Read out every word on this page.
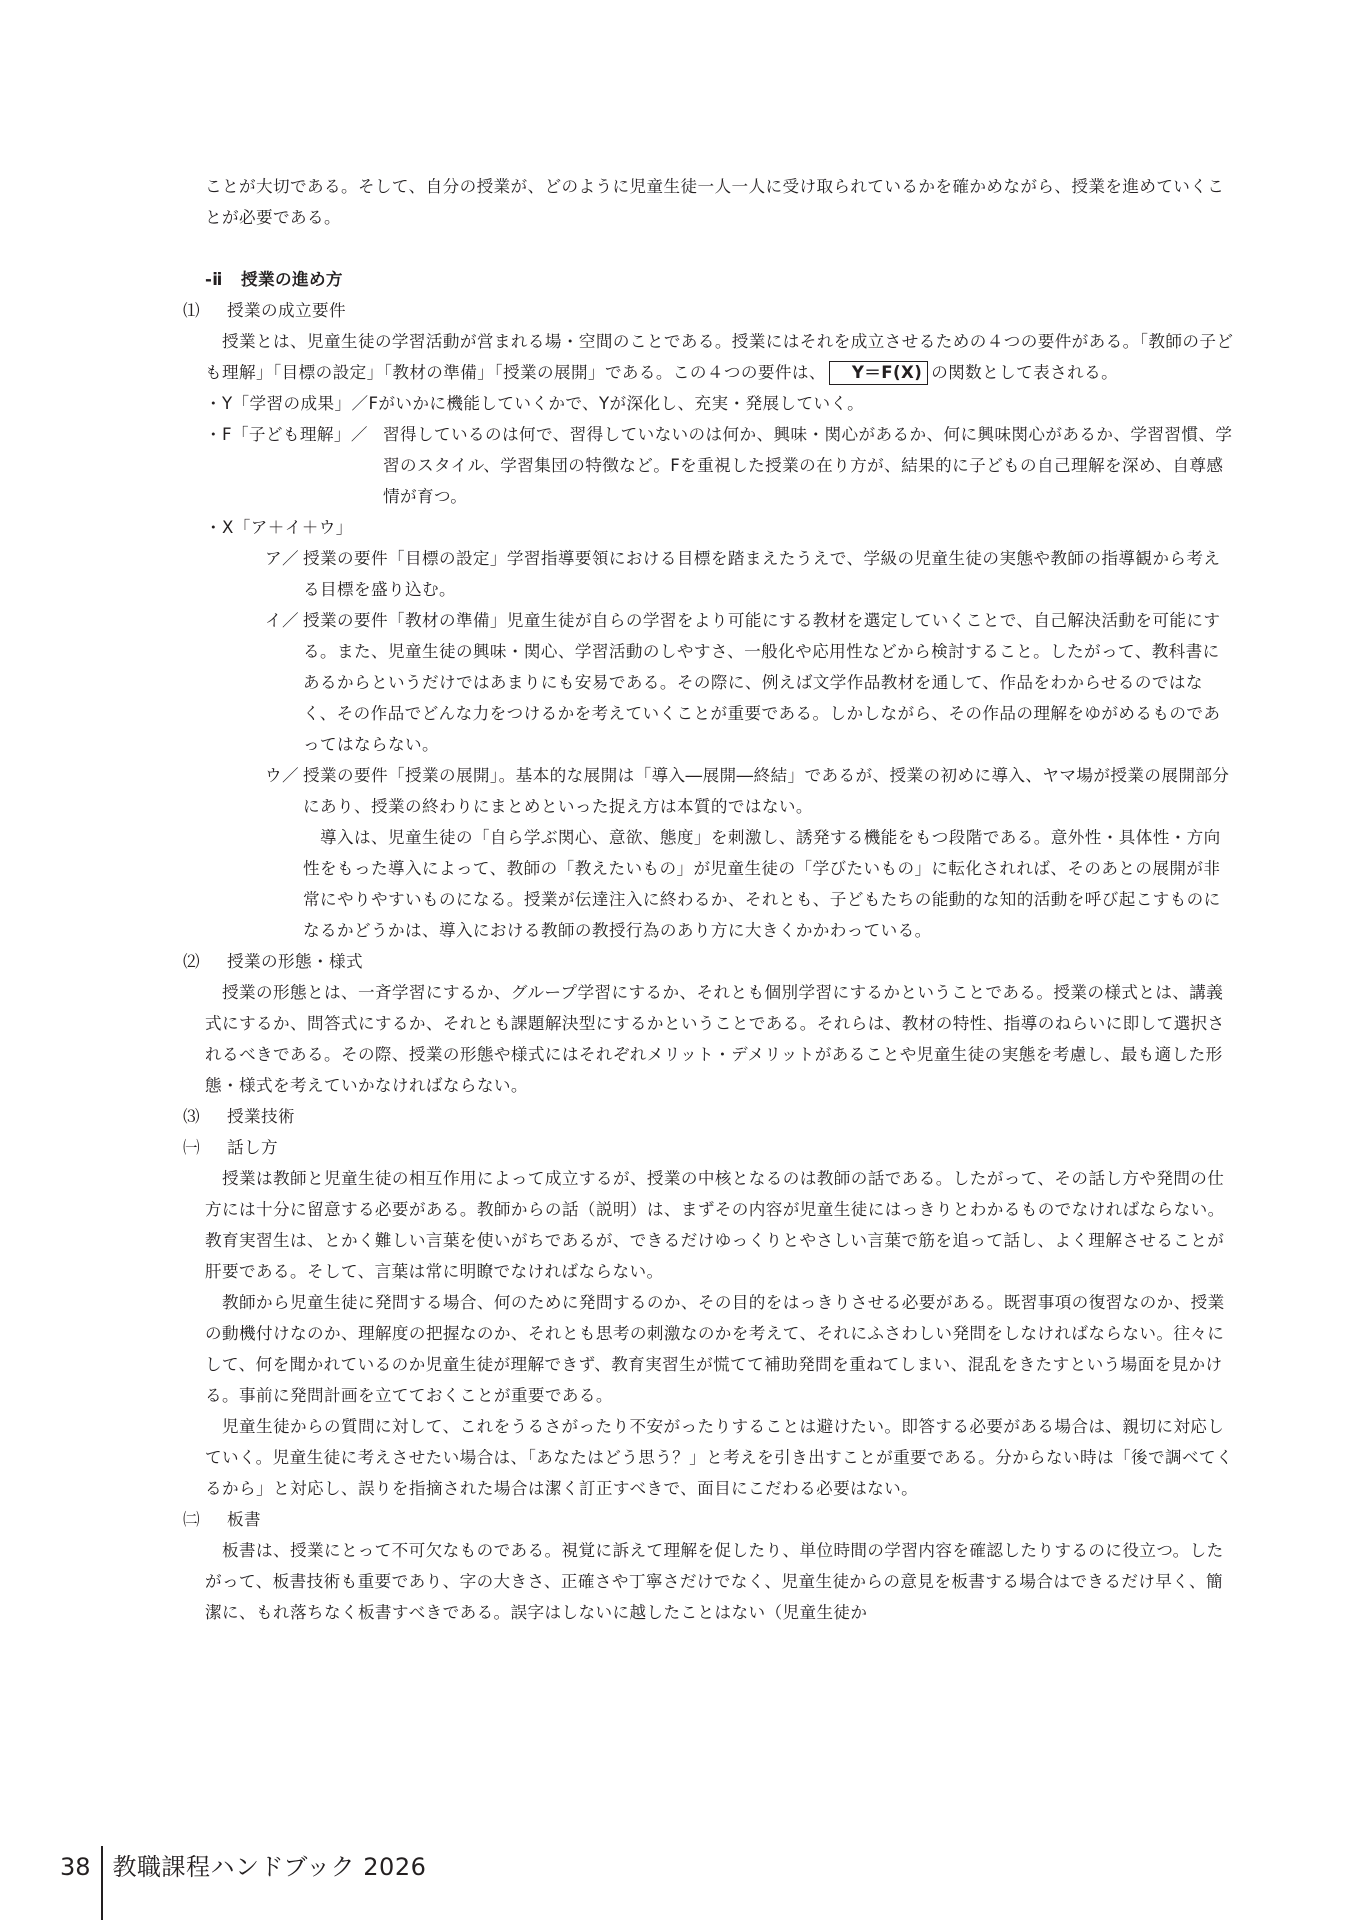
ことが大切である。そして、自分の授業が、どのように児童生徒一人一人に受け取られているかを確かめながら、授業を進めていくことが必要である。

-ⅱ 授業の進め方

⑴	授業の成立要件

授業とは、児童生徒の学習活動が営まれる場・空間のことである。授業にはそれを成立させるための４つの要件がある。「教師の子ども理解」「目標の設定」「教材の準備」「授業の展開」である。この４つの要件は、 Y＝F(X) の関数として表される。

・Y「学習の成果」／ Fがいかに機能していくかで、Yが深化し、充実・発展していく。
・F「子ども理解」／ 習得しているのは何で、習得していないのは何か、興味・関心があるか、何に興味関心があるか、学習習慣、学習のスタイル、学習集団の特徴など。Fを重視した授業の在り方が、結果的に子どもの自己理解を深め、自尊感情が育つ。
・X「ア＋イ＋ウ」
ア／ 授業の要件「目標の設定」学習指導要領における目標を踏まえたうえで、学級の児童生徒の実態や教師の指導観から考える目標を盛り込む。
イ／ 授業の要件「教材の準備」児童生徒が自らの学習をより可能にする教材を選定していくことで、自己解決活動を可能にする。また、児童生徒の興味・関心、学習活動のしやすさ、一般化や応用性などから検討すること。したがって、教科書にあるからというだけではあまりにも安易である。その際に、例えば文学作品教材を通して、作品をわからせるのではなく、その作品でどんな力をつけるかを考えていくことが重要である。しかしながら、その作品の理解をゆがめるものであってはならない。
ウ／ 授業の要件「授業の展開」。基本的な展開は「導入―展開―終結」であるが、授業の初めに導入、ヤマ場が授業の展開部分にあり、授業の終わりにまとめといった捉え方は本質的ではない。

導入は、児童生徒の「自ら学ぶ関心、意欲、態度」を刺激し、誘発する機能をもつ段階である。意外性・具体性・方向性をもった導入によって、教師の「教えたいもの」が児童生徒の「学びたいもの」に転化されれば、そのあとの展開が非常にやりやすいものになる。授業が伝達注入に終わるか、それとも、子どもたちの能動的な知的活動を呼び起こすものになるかどうかは、導入における教師の教授行為のあり方に大きくかかわっている。

⑵	授業の形態・様式

授業の形態とは、一斉学習にするか、グループ学習にするか、それとも個別学習にするかということである。授業の様式とは、講義式にするか、問答式にするか、それとも課題解決型にするかということである。それらは、教材の特性、指導のねらいに即して選択されるべきである。その際、授業の形態や様式にはそれぞれメリット・デメリットがあることや児童生徒の実態を考慮し、最も適した形態・様式を考えていかなければならない。

⑶	授業技術
㈠	話し方

授業は教師と児童生徒の相互作用によって成立するが、授業の中核となるのは教師の話である。したがって、その話し方や発問の仕方には十分に留意する必要がある。教師からの話（説明）は、まずその内容が児童生徒にはっきりとわかるものでなければならない。教育実習生は、とかく難しい言葉を使いがちであるが、できるだけゆっくりとやさしい言葉で筋を追って話し、よく理解させることが肝要である。そして、言葉は常に明瞭でなければならない。

教師から児童生徒に発問する場合、何のために発問するのか、その目的をはっきりさせる必要がある。既習事項の復習なのか、授業の動機付けなのか、理解度の把握なのか、それとも思考の刺激なのかを考えて、それにふさわしい発問をしなければならない。往々にして、何を聞かれているのか児童生徒が理解できず、教育実習生が慌てて補助発問を重ねてしまい、混乱をきたすという場面を見かける。事前に発問計画を立てておくことが重要である。

児童生徒からの質問に対して、これをうるさがったり不安がったりすることは避けたい。即答する必要がある場合は、親切に対応していく。児童生徒に考えさせたい場合は、「あなたはどう思う？」と考えを引き出すことが重要である。分からない時は「後で調べてくるから」と対応し、誤りを指摘された場合は潔く訂正すべきで、面目にこだわる必要はない。

㈡	板書

板書は、授業にとって不可欠なものである。視覚に訴えて理解を促したり、単位時間の学習内容を確認したりするのに役立つ。したがって、板書技術も重要であり、字の大きさ、正確さや丁寧さだけでなく、児童生徒からの意見を板書する場合はできるだけ早く、簡潔に、もれ落ちなく板書すべきである。誤字はしないに越したことはない（児童生徒か

38 教職課程ハンドブック 2026
